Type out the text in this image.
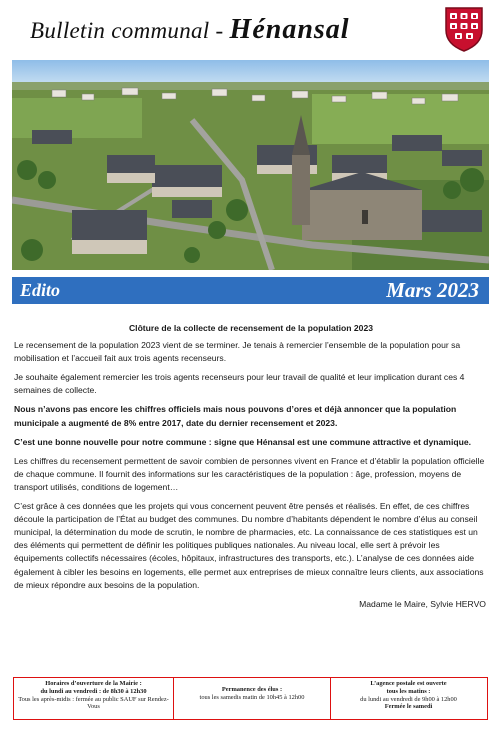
Bulletin communal - Hénansal
Edito	Mars 2023
Clôture de la collecte de recensement de la population 2023

Le recensement de la population 2023 vient de se terminer. Je tenais à remercier l’ensemble de la population pour sa mobilisation et l’accueil fait aux trois agents recenseurs.

Je souhaite également remercier les trois agents recenseurs pour leur travail de qualité et leur implication durant ces 4 semaines de collecte.

Nous n’avons pas encore les chiffres officiels mais nous pouvons d’ores et déjà annoncer que la population municipale a augmenté de 8% entre 2017, date du dernier recensement et 2023.

C’est une bonne nouvelle pour notre commune : signe que Hénansal est une commune attractive et dynamique.

Les chiffres du recensement permettent de savoir combien de personnes vivent en France et d’établir la population officielle de chaque commune. Il fournit des informations sur les caractéristiques de la population : âge, profession, moyens de transport utilisés, conditions de logement…

C’est grâce à ces données que les projets qui vous concernent peuvent être pensés et réalisés. En effet, de ces chiffres découle la participation de l’État au budget des communes. Du nombre d’habitants dépendent le nombre d’élus au conseil municipal, la détermination du mode de scrutin, le nombre de pharmacies, etc. La connaissance de ces statistiques est un des éléments qui permettent de définir les politiques publiques nationales. Au niveau local, elle sert à prévoir les équipements collectifs nécessaires (écoles, hôpitaux, infrastructures des transports, etc.). L’analyse de ces données aide également à cibler les besoins en logements, elle permet aux entreprises de mieux connaître leurs clients, aux associations de mieux répondre aux besoins de la population.

Madame le Maire, Sylvie HERVO
Horaires d’ouverture de la Mairie :
du lundi au vendredi : de 8h30 à 12h30
Tous les après-midis : fermée au public SAUF sur Rendez-Vous
Permanence des élus :
tous les samedis matin de 10h45 à 12h00
L’agence postale est ouverte
tous les matins :
du lundi au vendredi de 9h00 à 12h00
Fermée le samedi
